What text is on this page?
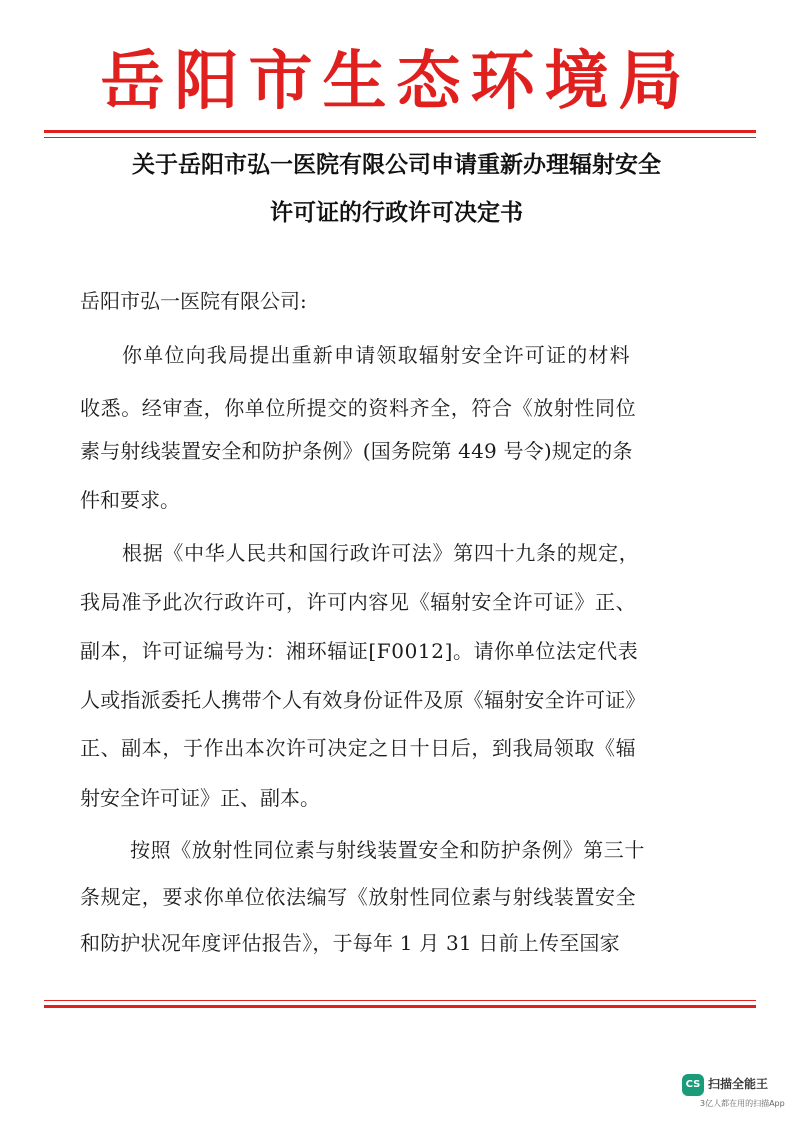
岳阳市生态环境局
关于岳阳市弘一医院有限公司申请重新办理辐射安全
许可证的行政许可决定书
岳阳市弘一医院有限公司:
你单位向我局提出重新申请领取辐射安全许可证的材料
收悉。经审查，你单位所提交的资料齐全，符合《放射性同位
素与射线装置安全和防护条例》(国务院第 449 号令)规定的条
件和要求。
根据《中华人民共和国行政许可法》第四十九条的规定，
我局准予此次行政许可，许可内容见《辐射安全许可证》正、
副本，许可证编号为：湘环辐证[F0012]。请你单位法定代表
人或指派委托人携带个人有效身份证件及原《辐射安全许可证》
正、副本，于作出本次许可决定之日十日后，到我局领取《辐
射安全许可证》正、副本。
按照《放射性同位素与射线装置安全和防护条例》第三十
条规定，要求你单位依法编写《放射性同位素与射线装置安全
和防护状况年度评估报告》，于每年 1 月 31 日前上传至国家
CS 扫描全能王
3亿人都在用的扫描App
